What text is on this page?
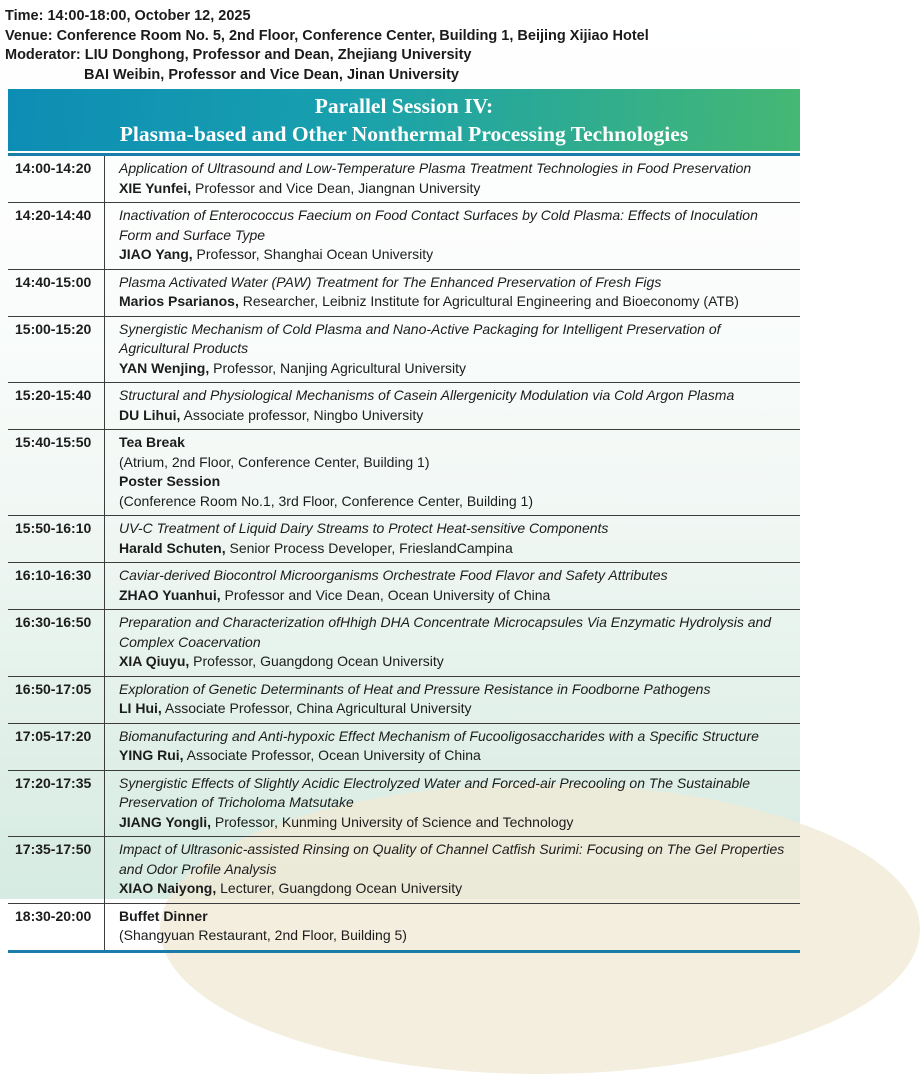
Time: 14:00-18:00, October 12, 2025
Venue: Conference Room No. 5, 2nd Floor, Conference Center, Building 1, Beijing Xijiao Hotel
Moderator: LIU Donghong, Professor and Dean, Zhejiang University
BAI Weibin, Professor and Vice Dean, Jinan University
Parallel Session IV:
Plasma-based and Other Nonthermal Processing Technologies
14:00-14:20	Application of Ultrasound and Low-Temperature Plasma Treatment Technologies in Food Preservation
XIE Yunfei, Professor and Vice Dean, Jiangnan University
14:20-14:40	Inactivation of Enterococcus Faecium on Food Contact Surfaces by Cold Plasma: Effects of Inoculation Form and Surface Type
JIAO Yang, Professor, Shanghai Ocean University
14:40-15:00	Plasma Activated Water (PAW) Treatment for The Enhanced Preservation of Fresh Figs
Marios Psarianos, Researcher, Leibniz Institute for Agricultural Engineering and Bioeconomy (ATB)
15:00-15:20	Synergistic Mechanism of Cold Plasma and Nano-Active Packaging for Intelligent Preservation of Agricultural Products
YAN Wenjing, Professor, Nanjing Agricultural University
15:20-15:40	Structural and Physiological Mechanisms of Casein Allergenicity Modulation via Cold Argon Plasma
DU Lihui, Associate professor, Ningbo University
15:40-15:50	Tea Break
(Atrium, 2nd Floor, Conference Center, Building 1)
Poster Session
(Conference Room No.1, 3rd Floor, Conference Center, Building 1)
15:50-16:10	UV-C Treatment of Liquid Dairy Streams to Protect Heat-sensitive Components
Harald Schuten, Senior Process Developer, FrieslandCampina
16:10-16:30	Caviar-derived Biocontrol Microorganisms Orchestrate Food Flavor and Safety Attributes
ZHAO Yuanhui, Professor and Vice Dean, Ocean University of China
16:30-16:50	Preparation and Characterization ofHhigh DHA Concentrate Microcapsules Via Enzymatic Hydrolysis and Complex Coacervation
XIA Qiuyu, Professor, Guangdong Ocean University
16:50-17:05	Exploration of Genetic Determinants of Heat and Pressure Resistance in Foodborne Pathogens
LI Hui, Associate Professor, China Agricultural University
17:05-17:20	Biomanufacturing and Anti-hypoxic Effect Mechanism of Fucooligosaccharides with a Specific Structure
YING Rui, Associate Professor, Ocean University of China
17:20-17:35	Synergistic Effects of Slightly Acidic Electrolyzed Water and Forced-air Precooling on The Sustainable Preservation of Tricholoma Matsutake
JIANG Yongli, Professor, Kunming University of Science and Technology
17:35-17:50	Impact of Ultrasonic-assisted Rinsing on Quality of Channel Catfish Surimi: Focusing on The Gel Properties and Odor Profile Analysis
XIAO Naiyong, Lecturer, Guangdong Ocean University
18:30-20:00	Buffet Dinner
(Shangyuan Restaurant, 2nd Floor, Building 5)
